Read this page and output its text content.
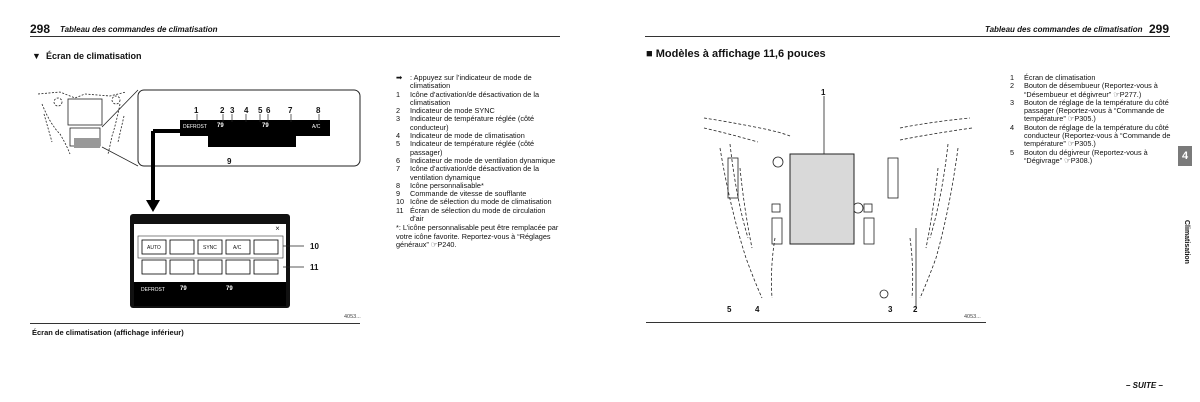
298 Tableau des commandes de climatisation
▼ Écran de climatisation
⨯
1	2 3 4 5 6 7	8
9
10
11
DEFROST 79	79	A/C
AUTO	SYNC	A/C
DEFROST	79	79
4053...
Écran de climatisation (affichage inférieur)
➡	: Appuyez sur l’indicateur de mode de climatisation
1	Icône d’activation/de désactivation de la climatisation
2	Indicateur de mode SYNC
3	Indicateur de température réglée (côté conducteur)
4	Indicateur de mode de climatisation
5	Indicateur de température réglée (côté passager)
6	Indicateur de mode de ventilation dynamique
7	Icône d’activation/de désactivation de la ventilation dynamique
8	Icône personnalisable*
9	Commande de vitesse de soufflante
10 Icône de sélection du mode de climatisation
11 Écran de sélection du mode de circulation d’air
*: L’icône personnalisable peut être remplacée par votre icône favorite. Reportez-vous à “Réglages généraux” ☞P240.
Tableau des commandes de climatisation 299
■ Modèles à affichage 11,6 pouces
1
2
3
4
5
4053...
1	Écran de climatisation
2	Bouton de désembueur (Reportez-vous à “Désembueur et dégivreur” ☞P277.)
3	Bouton de réglage de la température du côté passager (Reportez-vous à “Commande de température” ☞P305.)
4	Bouton de réglage de la température du côté conducteur (Reportez-vous à “Commande de température” ☞P305.)
5	Bouton du dégivreur (Reportez-vous à “Dégivrage” ☞P308.)	4
Climatisation
– SUITE –
